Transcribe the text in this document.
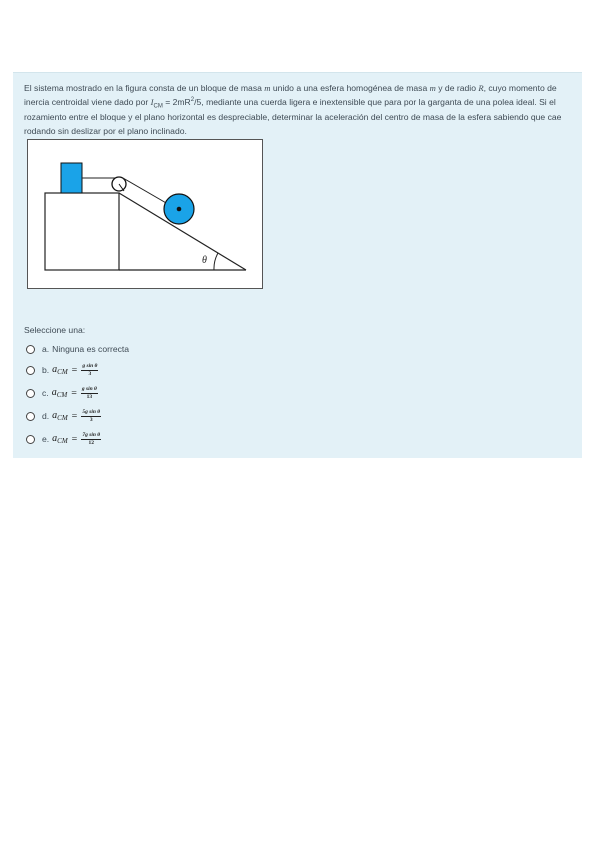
El sistema mostrado en la figura consta de un bloque de masa m unido a una esfera homogénea de masa m y de radio R, cuyo momento de inercia centroidal viene dado por $I_{CM} = 2mR^2/5$, mediante una cuerda ligera e inextensible que para por la garganta de una polea ideal. Si el rozamiento entre el bloque y el plano horizontal es despreciable, determinar la aceleración del centro de masa de la esfera sabiendo que cae rodando sin deslizar por el plano inclinado.

θ
Seleccione una:
a. Ninguna es correcta
b. $a_{CM} = \frac{\text{g sin θ}}{3}$
c. $a_{CM} = \frac{\text{g sin θ}}{13}$
d. $a_{CM} = \frac{\text{5g sin θ}}{3}$
e. $a_{CM} = \frac{\text{7g sin θ}}{12}$
